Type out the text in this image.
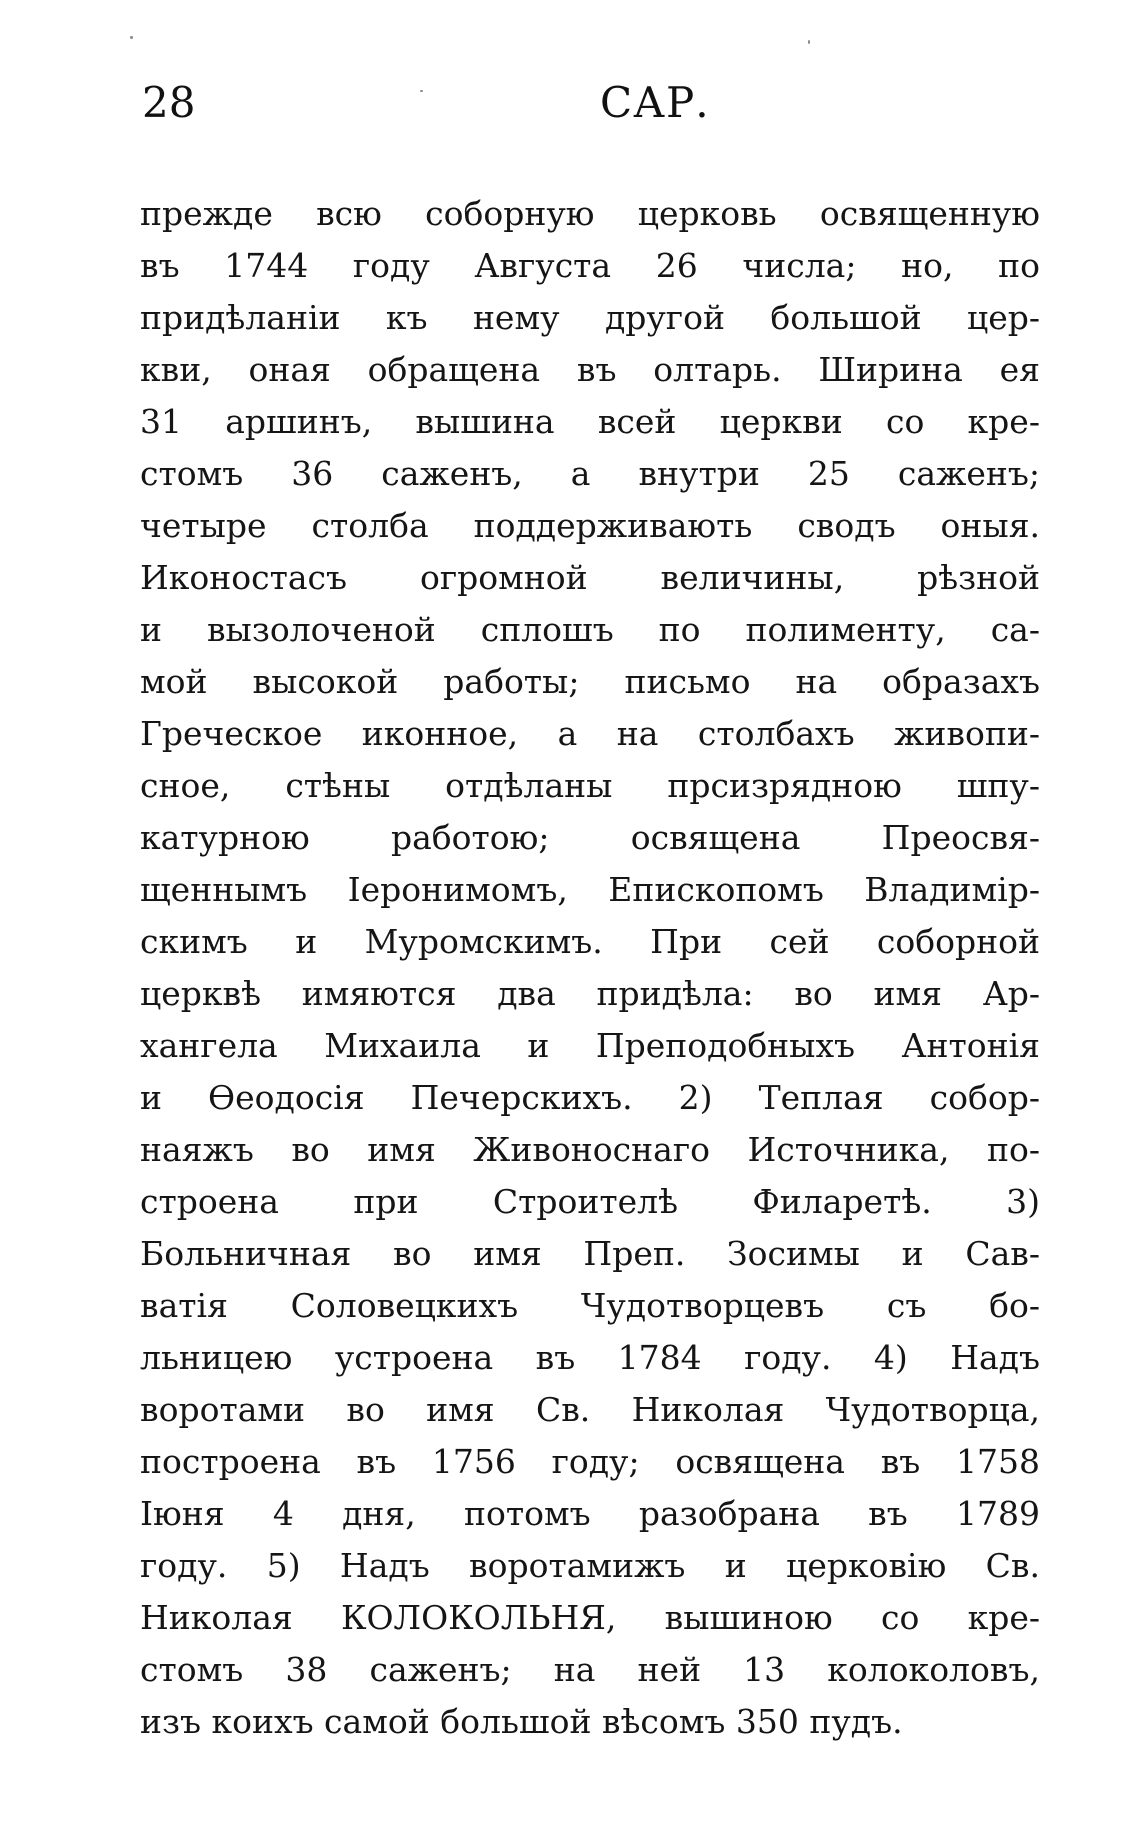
28	САР.
прежде всю соборную церковь освященную
въ 1744 году Августа 26 числа; но, по
придѣланіи къ нему другой большой цер-
кви, оная обращена въ олтарь. Ширина ея
31 аршинъ, вышина всей церкви со кре-
стомъ 36 саженъ, а внутри 25 саженъ;
четыре столба поддерживають сводъ оныя.
Иконостасъ огромной величины, рѣзной
и вызолоченой сплошъ по полименту, са-
мой высокой работы; письмо на образахъ
Греческое иконное, а на столбахъ живопи-
сное, стѣны отдѣланы прсизрядною шпу-
катурною работою; освящена Преосвя-
щеннымъ Іеронимомъ, Епископомъ Владимір-
скимъ и Муромскимъ. При сей соборной
церквѣ имяются два придѣла: во имя Ар-
хангела Михаила и Преподобныхъ Антонія
и Ѳеодосія Печерскихъ. 2) Теплая собор-
наяжъ во имя Живоноснаго Источника, по-
строена при Строителѣ Филаретѣ. 3)
Больничная во имя Преп. Зосимы и Сав-
ватія Соловецкихъ Чудотворцевъ съ бо-
льницею устроена въ 1784 году. 4) Надъ
воротами во имя Св. Николая Чудотворца,
построена въ 1756 году; освящена въ 1758
Іюня 4 дня, потомъ разобрана въ 1789
году. 5) Надъ воротамижъ и церковію Св.
Николая КОЛОКОЛЬНЯ, вышиною со кре-
стомъ 38 саженъ; на ней 13 колоколовъ,
изъ коихъ самой большой вѣсомъ 350 пудъ.
